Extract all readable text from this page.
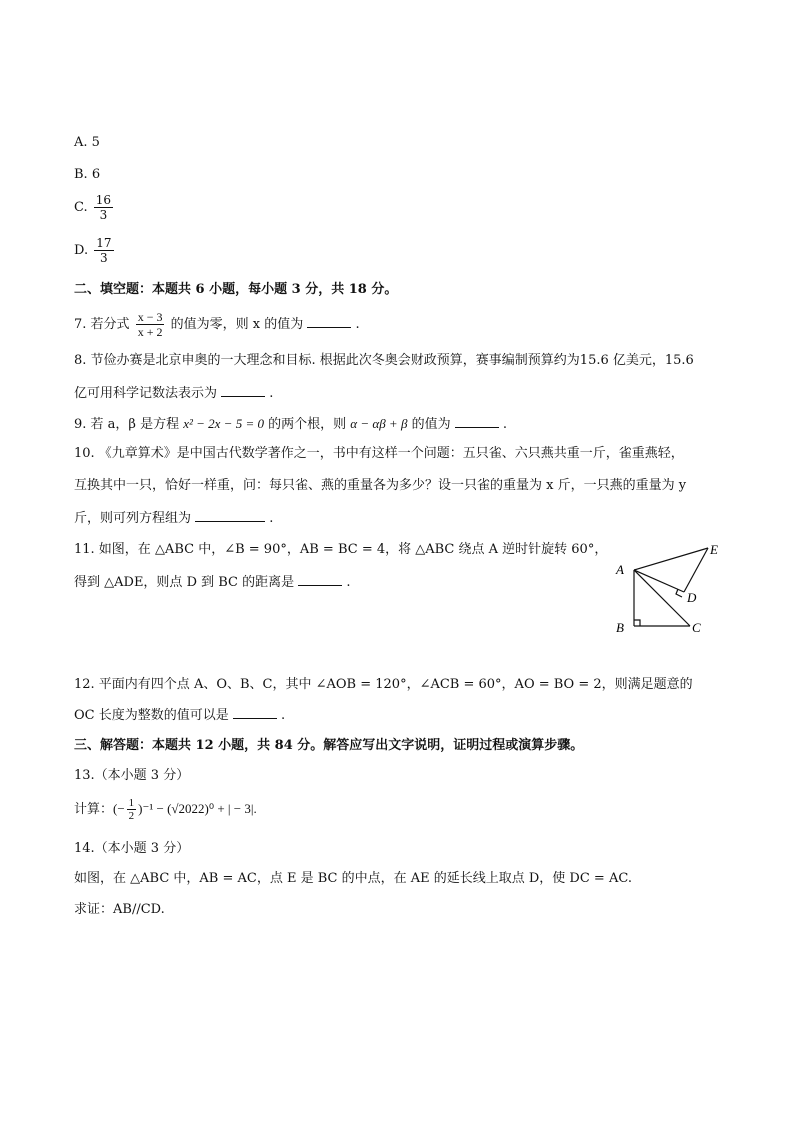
A. 5
B. 6
C. $\frac{16}{3}$
D. $\frac{17}{3}$
二、填空题：本题共 6 小题，每小题 3 分，共 18 分。
7. 若分式 $\frac{x - 3}{x + 2}$ 的值为零，则 x 的值为	.
8. 节俭办赛是北京申奥的一大理念和目标. 根据此次冬奥会财政预算，赛事编制预算约为15.6 亿美元，15.6
亿可用科学记数法表示为	.
9. 若 a，β 是方程 x² − 2x − 5 = 0 的两个根，则 α − αβ + β 的值为	.
10. 《九章算术》是中国古代数学著作之一，书中有这样一个问题：五只雀、六只燕共重一斤，雀重燕轻，
互换其中一只，恰好一样重，问：每只雀、燕的重量各为多少？设一只雀的重量为 x 斤，一只燕的重量为 y
斤，则可列方程组为	.
11. 如图，在 △ABC 中，∠B = 90°，AB = BC = 4，将 △ABC 绕点 A 逆时针旋转 60°，
得到 △ADE，则点 D 到 BC 的距离是	.
A
B	C
D
E
12. 平面内有四个点 A、O、B、C，其中 ∠AOB = 120°，∠ACB = 60°，AO = BO = 2，则满足题意的
OC 长度为整数的值可以是	.
三、解答题：本题共 12 小题，共 84 分。解答应写出文字说明，证明过程或演算步骤。
13.（本小题 3 分）
计算：(− $\frac{1}{2} )^{-1} - (√2022)^0$ + | − 3|.
14.（本小题 3 分）
如图，在 △ABC 中，AB = AC，点 E 是 BC 的中点，在 AE 的延长线上取点 D，使 DC = AC.
求证：AB//CD.
